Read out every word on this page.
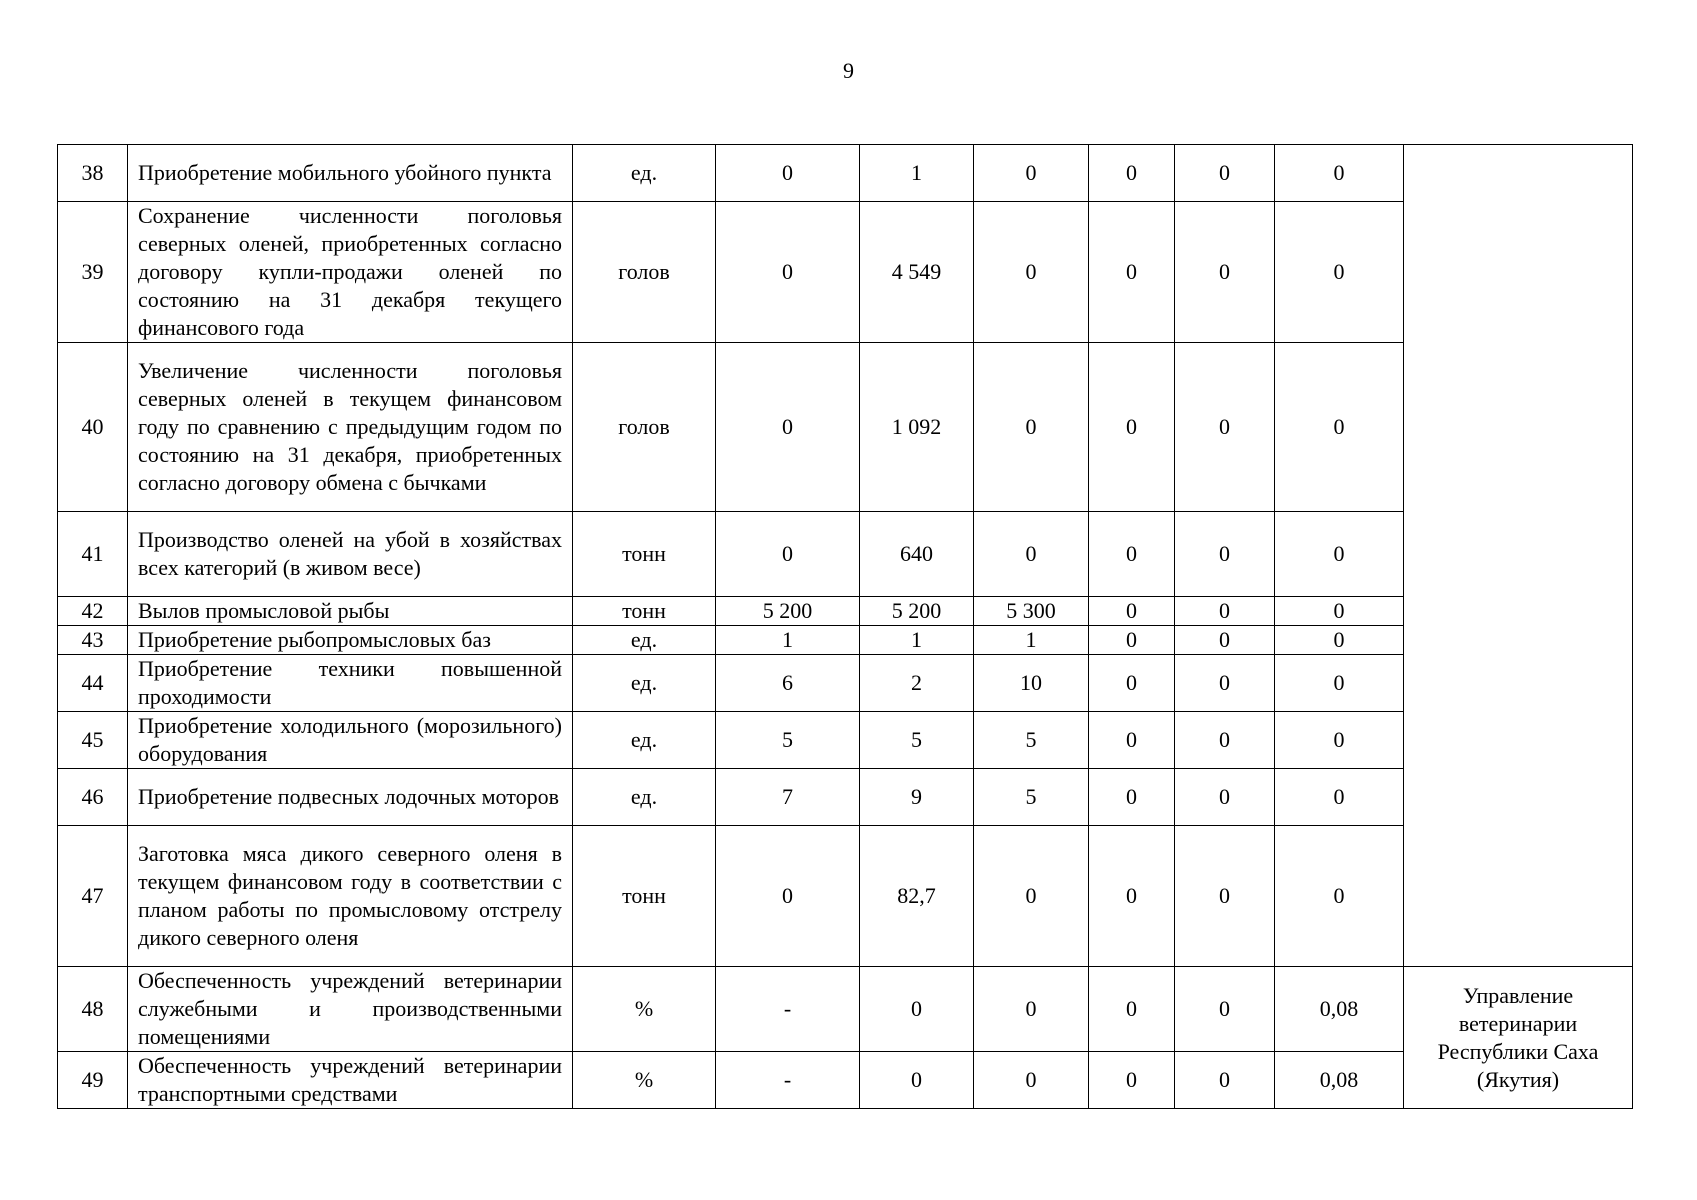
9
38	Приобретение мобильного убойного пункта	ед.	0	1	0	0	0	0	
39	Сохранение численности поголовья северных оленей, приобретенных согласно договору купли-продажи оленей по состоянию на 31 декабря текущего финансового года	голов	0	4 549	0	0	0	0	
40	Увеличение численности поголовья северных оленей в текущем финансовом году по сравнению с предыдущим годом по состоянию на 31 декабря, приобретенных согласно договору обмена с бычками	голов	0	1 092	0	0	0	0	
41	Производство оленей на убой в хозяйствах всех категорий (в живом весе)	тонн	0	640	0	0	0	0	
42	Вылов промысловой рыбы	тонн	5 200	5 200	5 300	0	0	0	
43	Приобретение рыбопромысловых баз	ед.	1	1	1	0	0	0	
44	Приобретение техники повышенной проходимости	ед.	6	2	10	0	0	0	
45	Приобретение холодильного (морозильного) оборудования	ед.	5	5	5	0	0	0	
46	Приобретение подвесных лодочных моторов	ед.	7	9	5	0	0	0	
47	Заготовка мяса дикого северного оленя в текущем финансовом году в соответствии с планом работы по промысловому отстрелу дикого северного оленя	тонн	0	82,7	0	0	0	0	
48	Обеспеченность учреждений ветеринарии служебными и производственными помещениями	%	-	0	0	0	0	0,08	Управление ветеринарии Республики Саха (Якутия)
49	Обеспеченность учреждений ветеринарии транспортными средствами	%	-	0	0	0	0	0,08	
